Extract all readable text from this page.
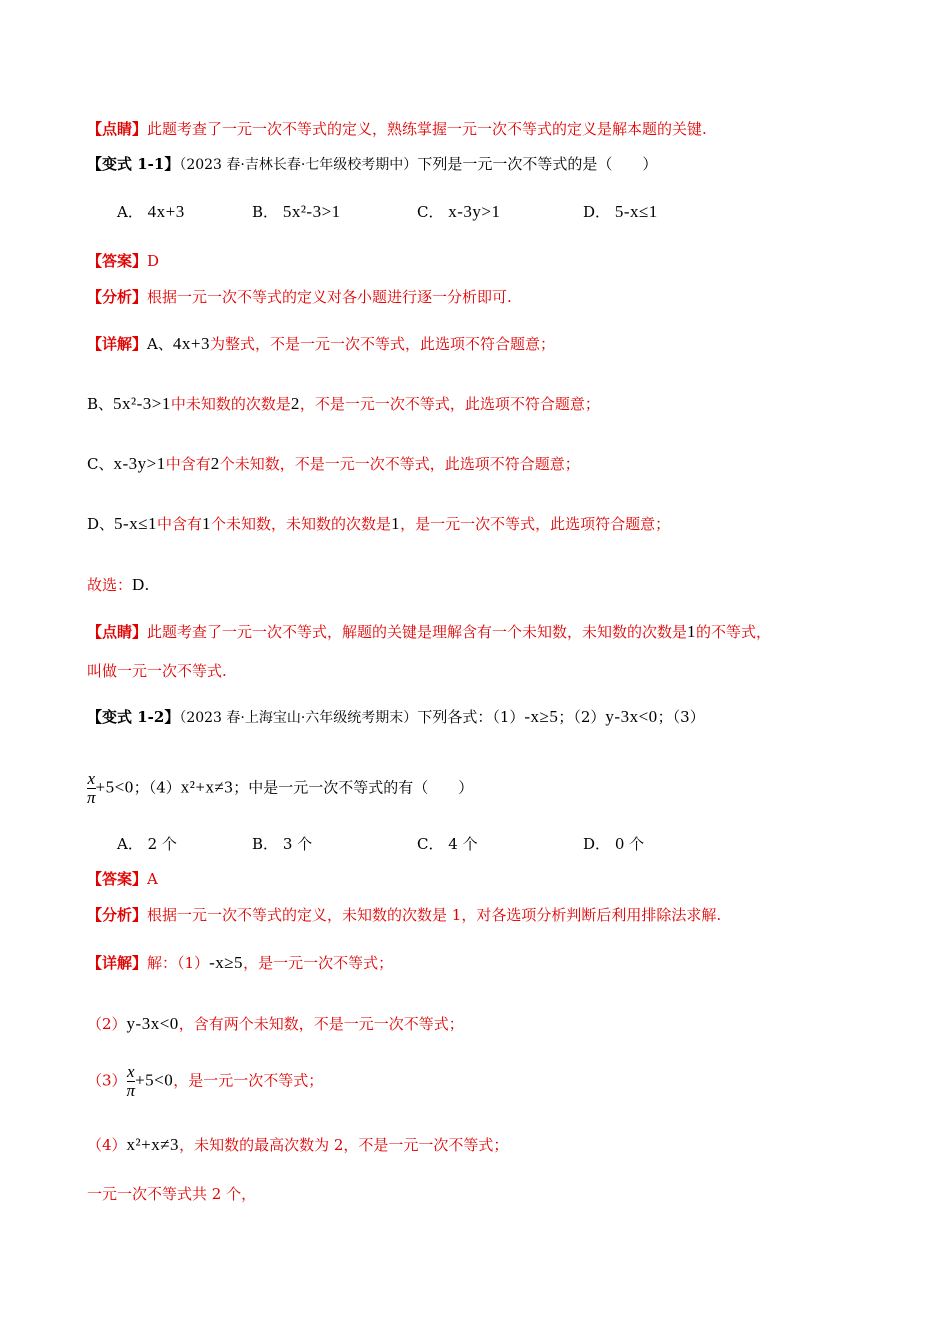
【点睛】此题考查了一元一次不等式的定义，熟练掌握一元一次不等式的定义是解本题的关键.
【变式 1-1】（2023 春·吉林长春·七年级校考期中）下列是一元一次不等式的是（　　）
A． 4x+3	B． 5x²-3>1	C． x-3y>1	D． 5-x≤1
【答案】D
【分析】根据一元一次不等式的定义对各小题进行逐一分析即可.
【详解】A、4x+3为整式，不是一元一次不等式，此选项不符合题意；
B、5x²-3>1中未知数的次数是2，不是一元一次不等式，此选项不符合题意；
C、x-3y>1中含有2个未知数，不是一元一次不等式，此选项不符合题意；
D、5-x≤1中含有1个未知数，未知数的次数是1，是一元一次不等式，此选项符合题意；
故选：D.
【点睛】此题考查了一元一次不等式，解题的关键是理解含有一个未知数，未知数的次数是1的不等式，
叫做一元一次不等式.
【变式 1-2】（2023 春·上海宝山·六年级统考期末）下列各式：（1）-x≥5；（2）y-3x<0；（3）
$\frac{x}{\pi} +5<0$；（4）x²+x≠3；中是一元一次不等式的有（　　）
A． 2 个	B． 3 个	C． 4 个	D． 0 个
【答案】A
【分析】根据一元一次不等式的定义，未知数的次数是 1，对各选项分析判断后利用排除法求解.
【详解】解：（1）-x≥5，是一元一次不等式；
（2）y-3x<0，含有两个未知数，不是一元一次不等式；
$(3) \frac{x}{\pi} +5<0$，是一元一次不等式；
（4）x²+x≠3，未知数的最高次数为 2，不是一元一次不等式；
一元一次不等式共 2 个，
